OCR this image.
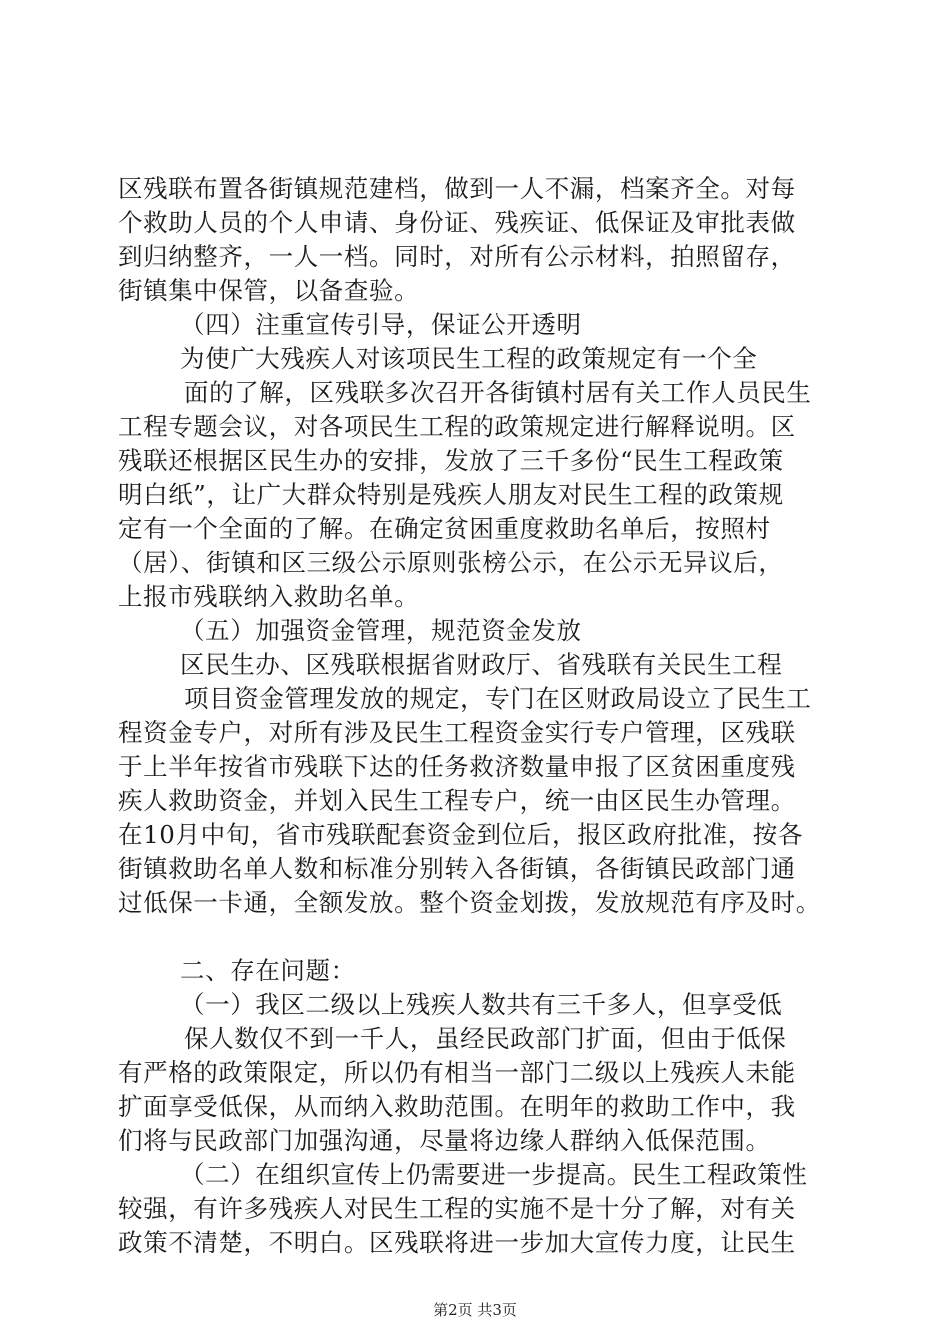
区残联布置各街镇规范建档，做到一人不漏，档案齐全。对每
个救助人员的个人申请、身份证、残疾证、低保证及审批表做
到归纳整齐，一人一档。同时，对所有公示材料，拍照留存，
街镇集中保管，以备查验。
（四）注重宣传引导，保证公开透明
为使广大残疾人对该项民生工程的政策规定有一个全
面的了解，区残联多次召开各街镇村居有关工作人员民生
工程专题会议，对各项民生工程的政策规定进行解释说明。区
残联还根据区民生办的安排，发放了三千多份“民生工程政策
明白纸”，让广大群众特别是残疾人朋友对民生工程的政策规
定有一个全面的了解。在确定贫困重度救助名单后，按照村
（居）、街镇和区三级公示原则张榜公示，在公示无异议后，
上报市残联纳入救助名单。
（五）加强资金管理，规范资金发放
区民生办、区残联根据省财政厅、省残联有关民生工程
项目资金管理发放的规定，专门在区财政局设立了民生工
程资金专户，对所有涉及民生工程资金实行专户管理，区残联
于上半年按省市残联下达的任务救济数量申报了区贫困重度残
疾人救助资金，并划入民生工程专户，统一由区民生办管理。
在10月中旬，省市残联配套资金到位后，报区政府批准，按各
街镇救助名单人数和标准分别转入各街镇，各街镇民政部门通
过低保一卡通，全额发放。整个资金划拨，发放规范有序及时。
二、存在问题：
（一）我区二级以上残疾人数共有三千多人，但享受低
保人数仅不到一千人，虽经民政部门扩面，但由于低保
有严格的政策限定，所以仍有相当一部门二级以上残疾人未能
扩面享受低保，从而纳入救助范围。在明年的救助工作中，我
们将与民政部门加强沟通，尽量将边缘人群纳入低保范围。
（二）在组织宣传上仍需要进一步提高。民生工程政策性
较强，有许多残疾人对民生工程的实施不是十分了解，对有关
政策不清楚，不明白。区残联将进一步加大宣传力度，让民生
第2页 共3页
